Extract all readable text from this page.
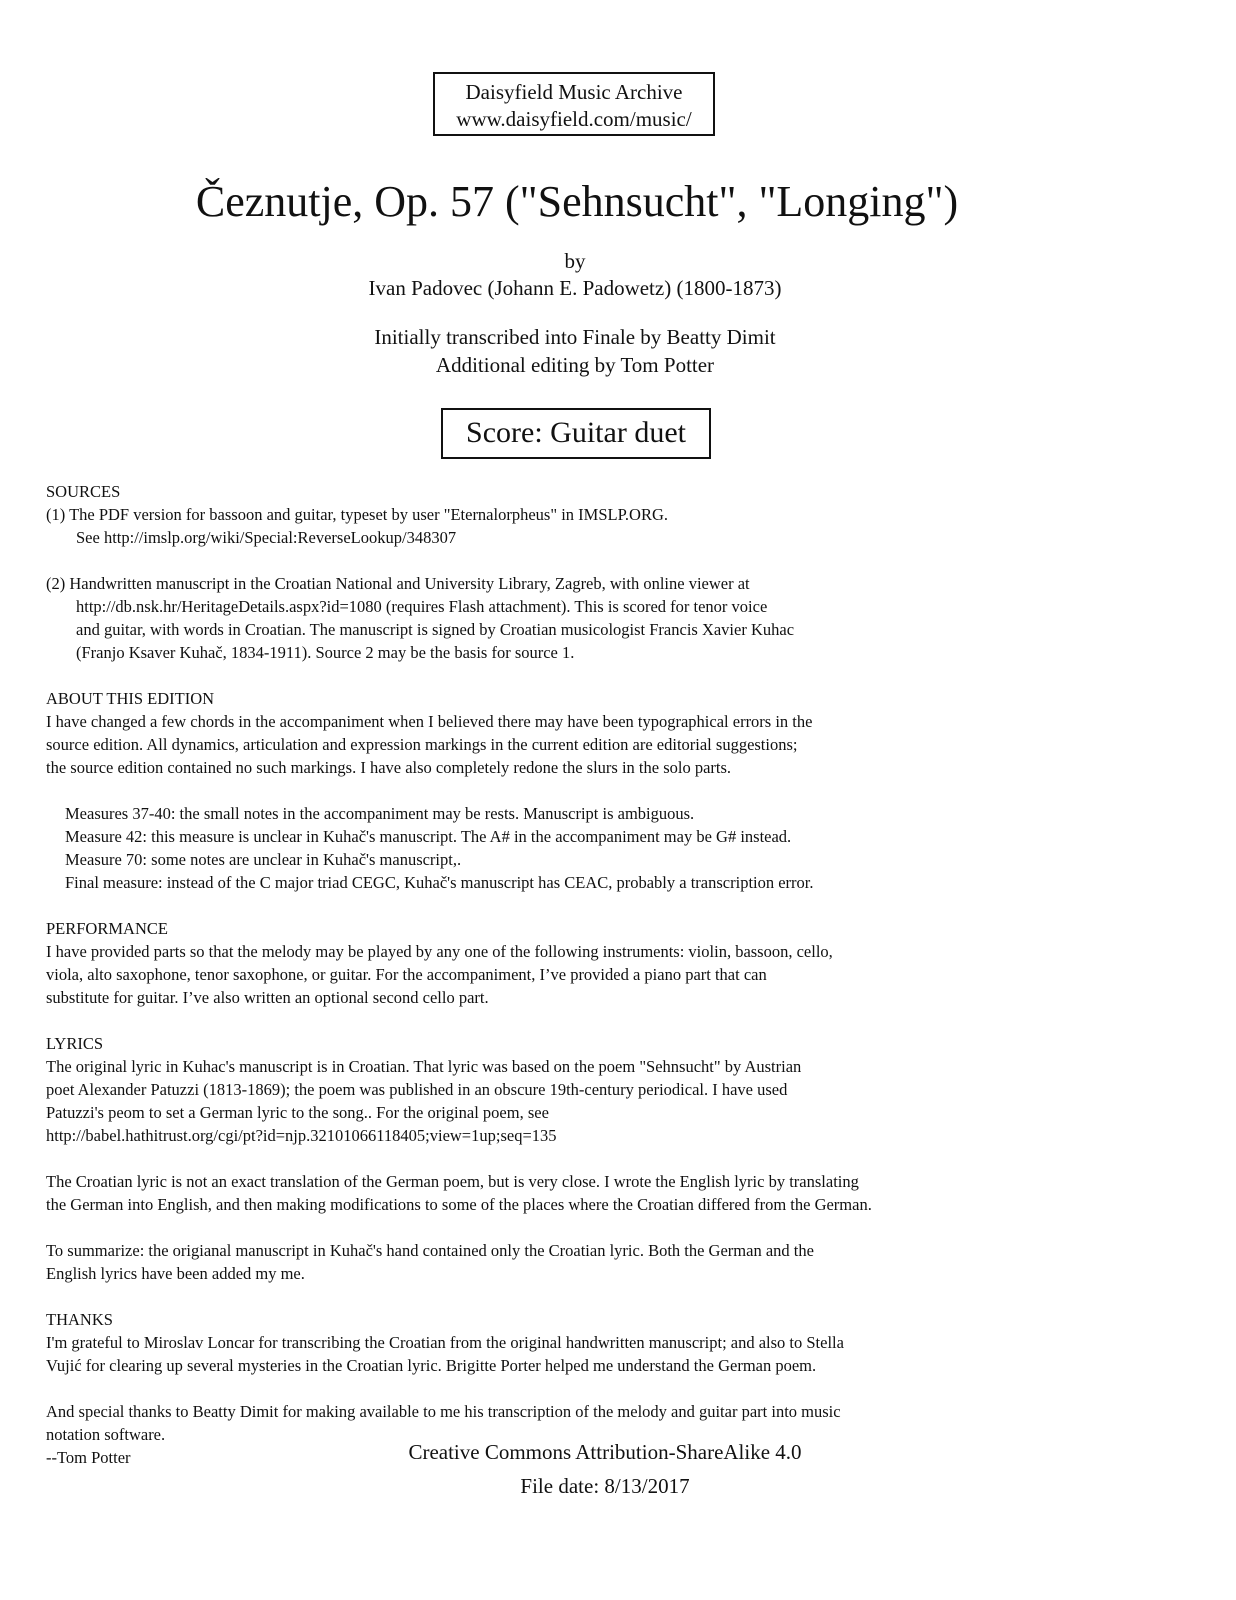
Daisyfield Music Archive
www.daisyfield.com/music/
Čeznutje, Op. 57 ("Sehnsucht", "Longing")
by
Ivan Padovec (Johann E. Padowetz) (1800-1873)
Initially transcribed into Finale by Beatty Dimit
Additional editing by Tom Potter
Score: Guitar duet

SOURCES

(1) The PDF version for bassoon and guitar, typeset by user "Eternalorpheus" in IMSLP.ORG.

See http://imslp.org/wiki/Special:ReverseLookup/348307

(2) Handwritten manuscript in the Croatian National and University Library, Zagreb, with online viewer at

http://db.nsk.hr/HeritageDetails.aspx?id=1080 (requires Flash attachment). This is scored for tenor voice

and guitar, with words in Croatian. The manuscript is signed by Croatian musicologist Francis Xavier Kuhac

(Franjo Ksaver Kuhač, 1834-1911). Source 2 may be the basis for source 1.

ABOUT THIS EDITION

I have changed a few chords in the accompaniment when I believed there may have been typographical errors in the

source edition. All dynamics, articulation and expression markings in the current edition are editorial suggestions;

the source edition contained no such markings. I have also completely redone the slurs in the solo parts.

Measures 37-40: the small notes in the accompaniment may be rests. Manuscript is ambiguous.

Measure 42: this measure is unclear in Kuhač's manuscript. The A# in the accompaniment may be G# instead.

Measure 70: some notes are unclear in Kuhač's manuscript,.

Final measure: instead of the C major triad CEGC, Kuhač's manuscript has CEAC, probably a transcription error.

PERFORMANCE

I have provided parts so that the melody may be played by any one of the following instruments: violin, bassoon, cello,

viola, alto saxophone, tenor saxophone, or guitar. For the accompaniment, I’ve provided a piano part that can

substitute for guitar. I’ve also written an optional second cello part.

LYRICS

The original lyric in Kuhac's manuscript is in Croatian. That lyric was based on the poem "Sehnsucht" by Austrian

poet Alexander Patuzzi (1813-1869); the poem was published in an obscure 19th-century periodical. I have used

Patuzzi's peom to set a German lyric to the song.. For the original poem, see

http://babel.hathitrust.org/cgi/pt?id=njp.32101066118405;view=1up;seq=135

The Croatian lyric is not an exact translation of the German poem, but is very close. I wrote the English lyric by translating

the German into English, and then making modifications to some of the places where the Croatian differed from the German.

To summarize: the origianal manuscript in Kuhač's hand contained only the Croatian lyric. Both the German and the

English lyrics have been added my me.

THANKS

I'm grateful to Miroslav Loncar for transcribing the Croatian from the original handwritten manuscript; and also to Stella

Vujić for clearing up several mysteries in the Croatian lyric. Brigitte Porter helped me understand the German poem.

And special thanks to Beatty Dimit for making available to me his transcription of the melody and guitar part into music

notation software.

--Tom Potter	Creative Commons Attribution-ShareAlike 4.0
File date: 8/13/2017
